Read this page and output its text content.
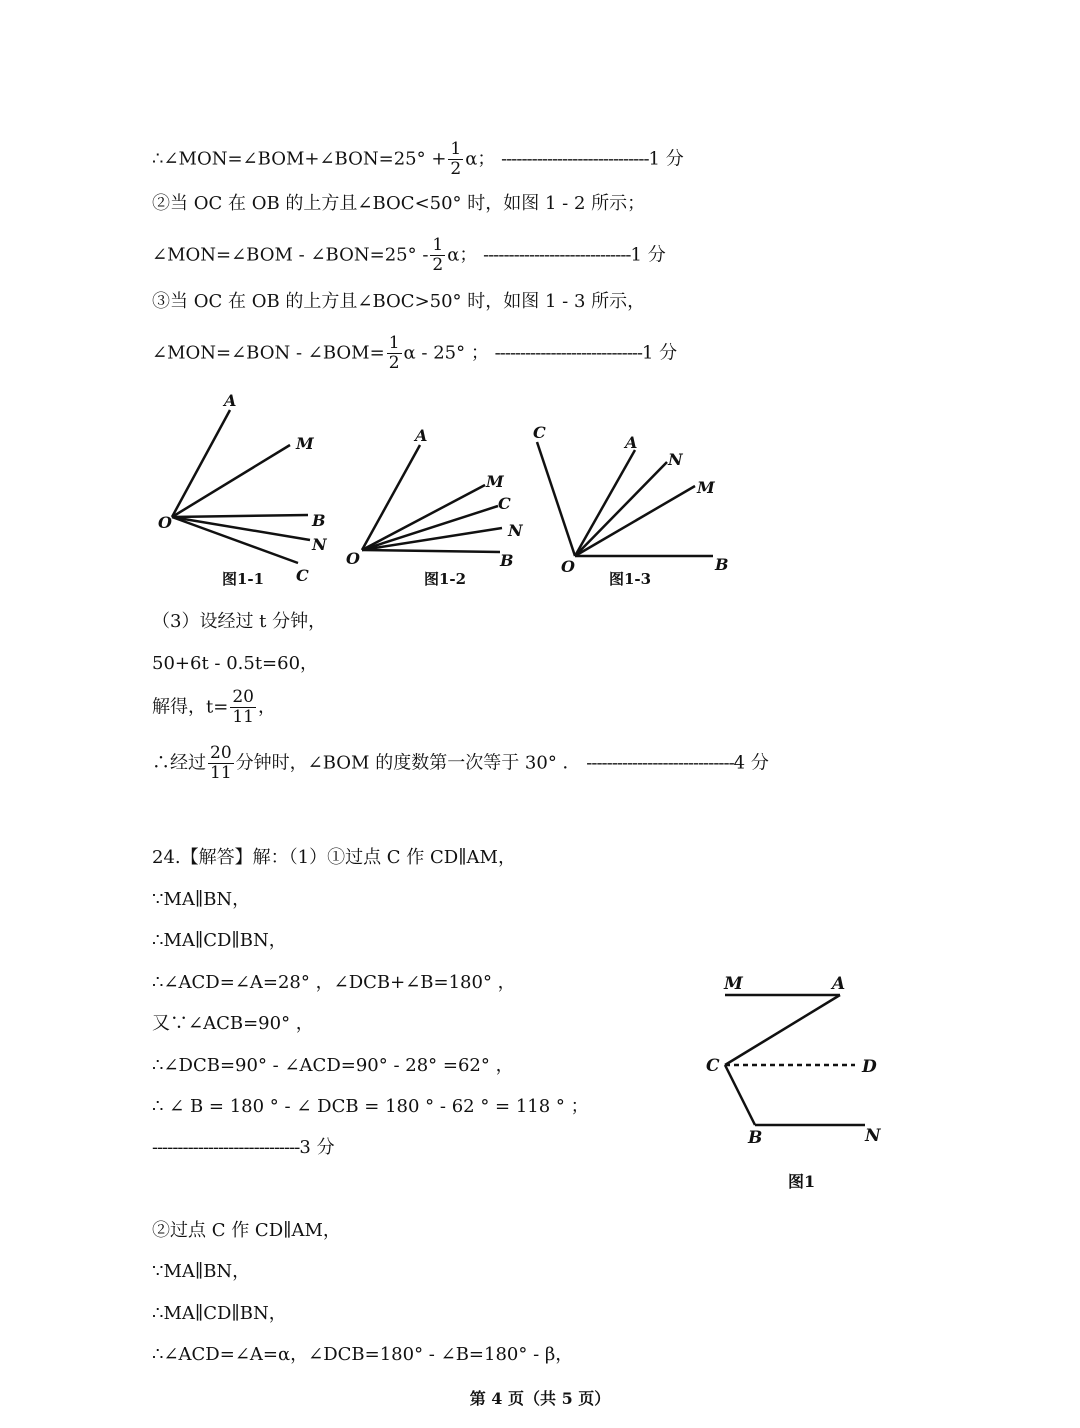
∴∠MON=∠BOM+∠BON=25° + $\frac{1}{2}$ α； -----------------------------1 分
②当 OC 在 OB 的上方且∠BOC<50° 时，如图 1 - 2 所示；
∠MON=∠BOM - ∠BON=25° - $\frac{1}{2}$ α； -----------------------------1 分
③当 OC 在 OB 的上方且∠BOC>50° 时，如图 1 - 3 所示，
∠MON=∠BON - ∠BOM= $\frac{1}{2}$ α - 25° ； -----------------------------1 分
A
M
O	B
N
C
图1-1
A
M
C
N
O	B
图1-2
C
A
N
M
O	B
图1-3
（3）设经过 t 分钟，
50+6t - 0.5t=60，
解得，$t= \frac{20}{11}$ ，
∴经过 $\frac{20}{11}$ 分钟时，∠BOM 的度数第一次等于 30° ． -----------------------------4 分
24.【解答】解：（1）①过点 C 作 CD∥AM，
∵MA∥BN，
∴MA∥CD∥BN，
∴∠ACD=∠A=28° ，∠DCB+∠B=180° ，
又∵∠ACB=90° ，
∴∠DCB=90° - ∠ACD=90° - 28° =62° ，
∴ ∠ B = 180 ° - ∠ DCB = 180 ° - 62 ° = 118 ° ；
-----------------------------3 分
M	A
C	D
B	N
图1
②过点 C 作 CD∥AM，
∵MA∥BN，
∴MA∥CD∥BN，
∴∠ACD=∠A=α，∠DCB=180° - ∠B=180° - β，
第 4 页（共 5 页）
